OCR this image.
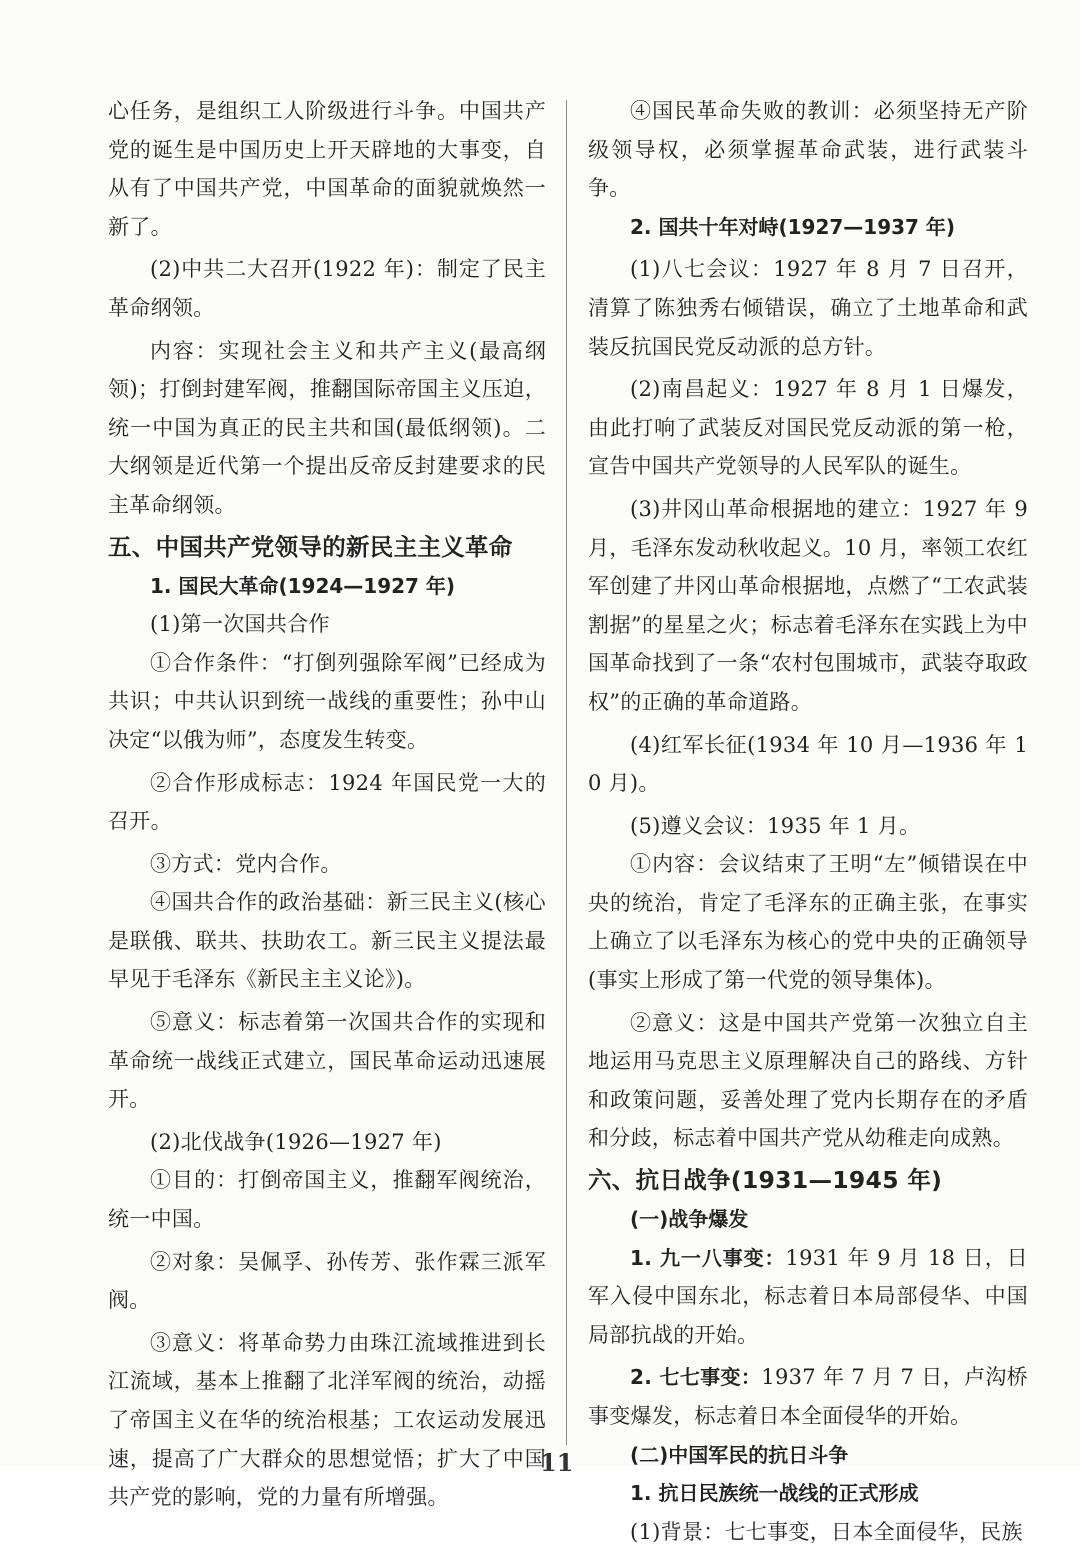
心任务，是组织工人阶级进行斗争。中国共产党的诞生是中国历史上开天辟地的大事变，自从有了中国共产党，中国革命的面貌就焕然一新了。

(2)中共二大召开(1922 年)：制定了民主革命纲领。

内容：实现社会主义和共产主义(最高纲领)；打倒封建军阀，推翻国际帝国主义压迫，统一中国为真正的民主共和国(最低纲领)。二大纲领是近代第一个提出反帝反封建要求的民主革命纲领。

五、中国共产党领导的新民主主义革命
1. 国民大革命(1924—1927 年)

(1)第一次国共合作

①合作条件：“打倒列强除军阀”已经成为共识；中共认识到统一战线的重要性；孙中山决定“以俄为师”，态度发生转变。

②合作形成标志：1924 年国民党一大的召开。

③方式：党内合作。

④国共合作的政治基础：新三民主义(核心是联俄、联共、扶助农工。新三民主义提法最早见于毛泽东《新民主主义论》)。

⑤意义：标志着第一次国共合作的实现和革命统一战线正式建立，国民革命运动迅速展开。

(2)北伐战争(1926—1927 年)

①目的：打倒帝国主义，推翻军阀统治，统一中国。

②对象：吴佩孚、孙传芳、张作霖三派军阀。

③意义：将革命势力由珠江流域推进到长江流域，基本上推翻了北洋军阀的统治，动摇了帝国主义在华的统治根基；工农运动发展迅速，提高了广大群众的思想觉悟；扩大了中国共产党的影响，党的力量有所增强。

④国民革命失败的教训：必须坚持无产阶级领导权，必须掌握革命武装，进行武装斗争。

2. 国共十年对峙(1927—1937 年)

(1)八七会议：1927 年 8 月 7 日召开，清算了陈独秀右倾错误，确立了土地革命和武装反抗国民党反动派的总方针。

(2)南昌起义：1927 年 8 月 1 日爆发，由此打响了武装反对国民党反动派的第一枪，宣告中国共产党领导的人民军队的诞生。

(3)井冈山革命根据地的建立：1927 年 9 月，毛泽东发动秋收起义。10 月，率领工农红军创建了井冈山革命根据地，点燃了“工农武装割据”的星星之火；标志着毛泽东在实践上为中国革命找到了一条“农村包围城市，武装夺取政权”的正确的革命道路。

(4)红军长征(1934 年 10 月—1936 年 10 月)。

(5)遵义会议：1935 年 1 月。

①内容：会议结束了王明“左”倾错误在中央的统治，肯定了毛泽东的正确主张，在事实上确立了以毛泽东为核心的党中央的正确领导(事实上形成了第一代党的领导集体)。

②意义：这是中国共产党第一次独立自主地运用马克思主义原理解决自己的路线、方针和政策问题，妥善处理了党内长期存在的矛盾和分歧，标志着中国共产党从幼稚走向成熟。

六、抗日战争(1931—1945 年)
(一)战争爆发

1. 九一八事变：1931 年 9 月 18 日，日军入侵中国东北，标志着日本局部侵华、中国局部抗战的开始。

2. 七七事变：1937 年 7 月 7 日，卢沟桥事变爆发，标志着日本全面侵华的开始。

(二)中国军民的抗日斗争
1. 抗日民族统一战线的正式形成

(1)背景：七七事变，日本全面侵华，民族

11
